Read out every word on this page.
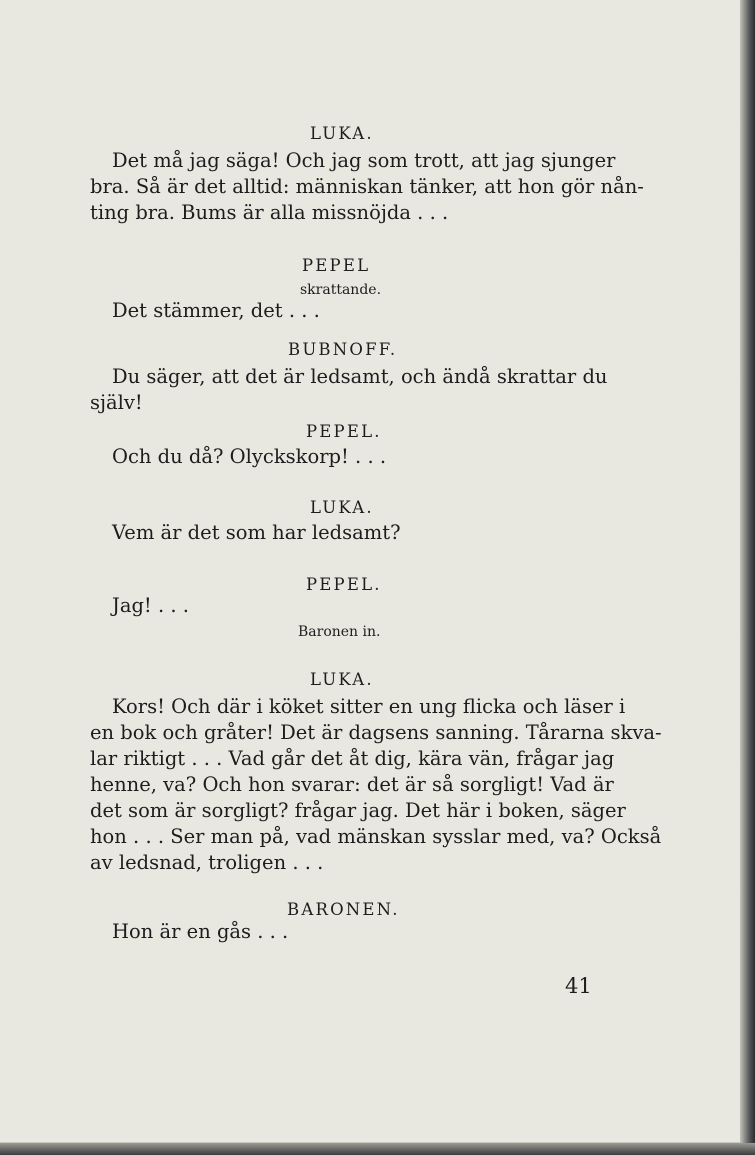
LUKA.
Det må jag säga! Och jag som trott, att jag sjunger
bra. Så är det alltid: människan tänker, att hon gör nån-
ting bra. Bums är alla missnöjda . . .
PEPEL
skrattande.
Det stämmer, det . . .
BUBNOFF.
Du säger, att det är ledsamt, och ändå skrattar du
själv!
PEPEL.
Och du då? Olyckskorp! . . .
LUKA.
Vem är det som har ledsamt?
PEPEL.
Jag! . . .
Baronen in.
LUKA.
Kors! Och där i köket sitter en ung flicka och läser i
en bok och gråter! Det är dagsens sanning. Tårarna skva-
lar riktigt . . . Vad går det åt dig, kära vän, frågar jag
henne, va? Och hon svarar: det är så sorgligt! Vad är
det som är sorgligt? frågar jag. Det här i boken, säger
hon . . . Ser man på, vad mänskan sysslar med, va? Också
av ledsnad, troligen . . .
BARONEN.
Hon är en gås . . .
41
